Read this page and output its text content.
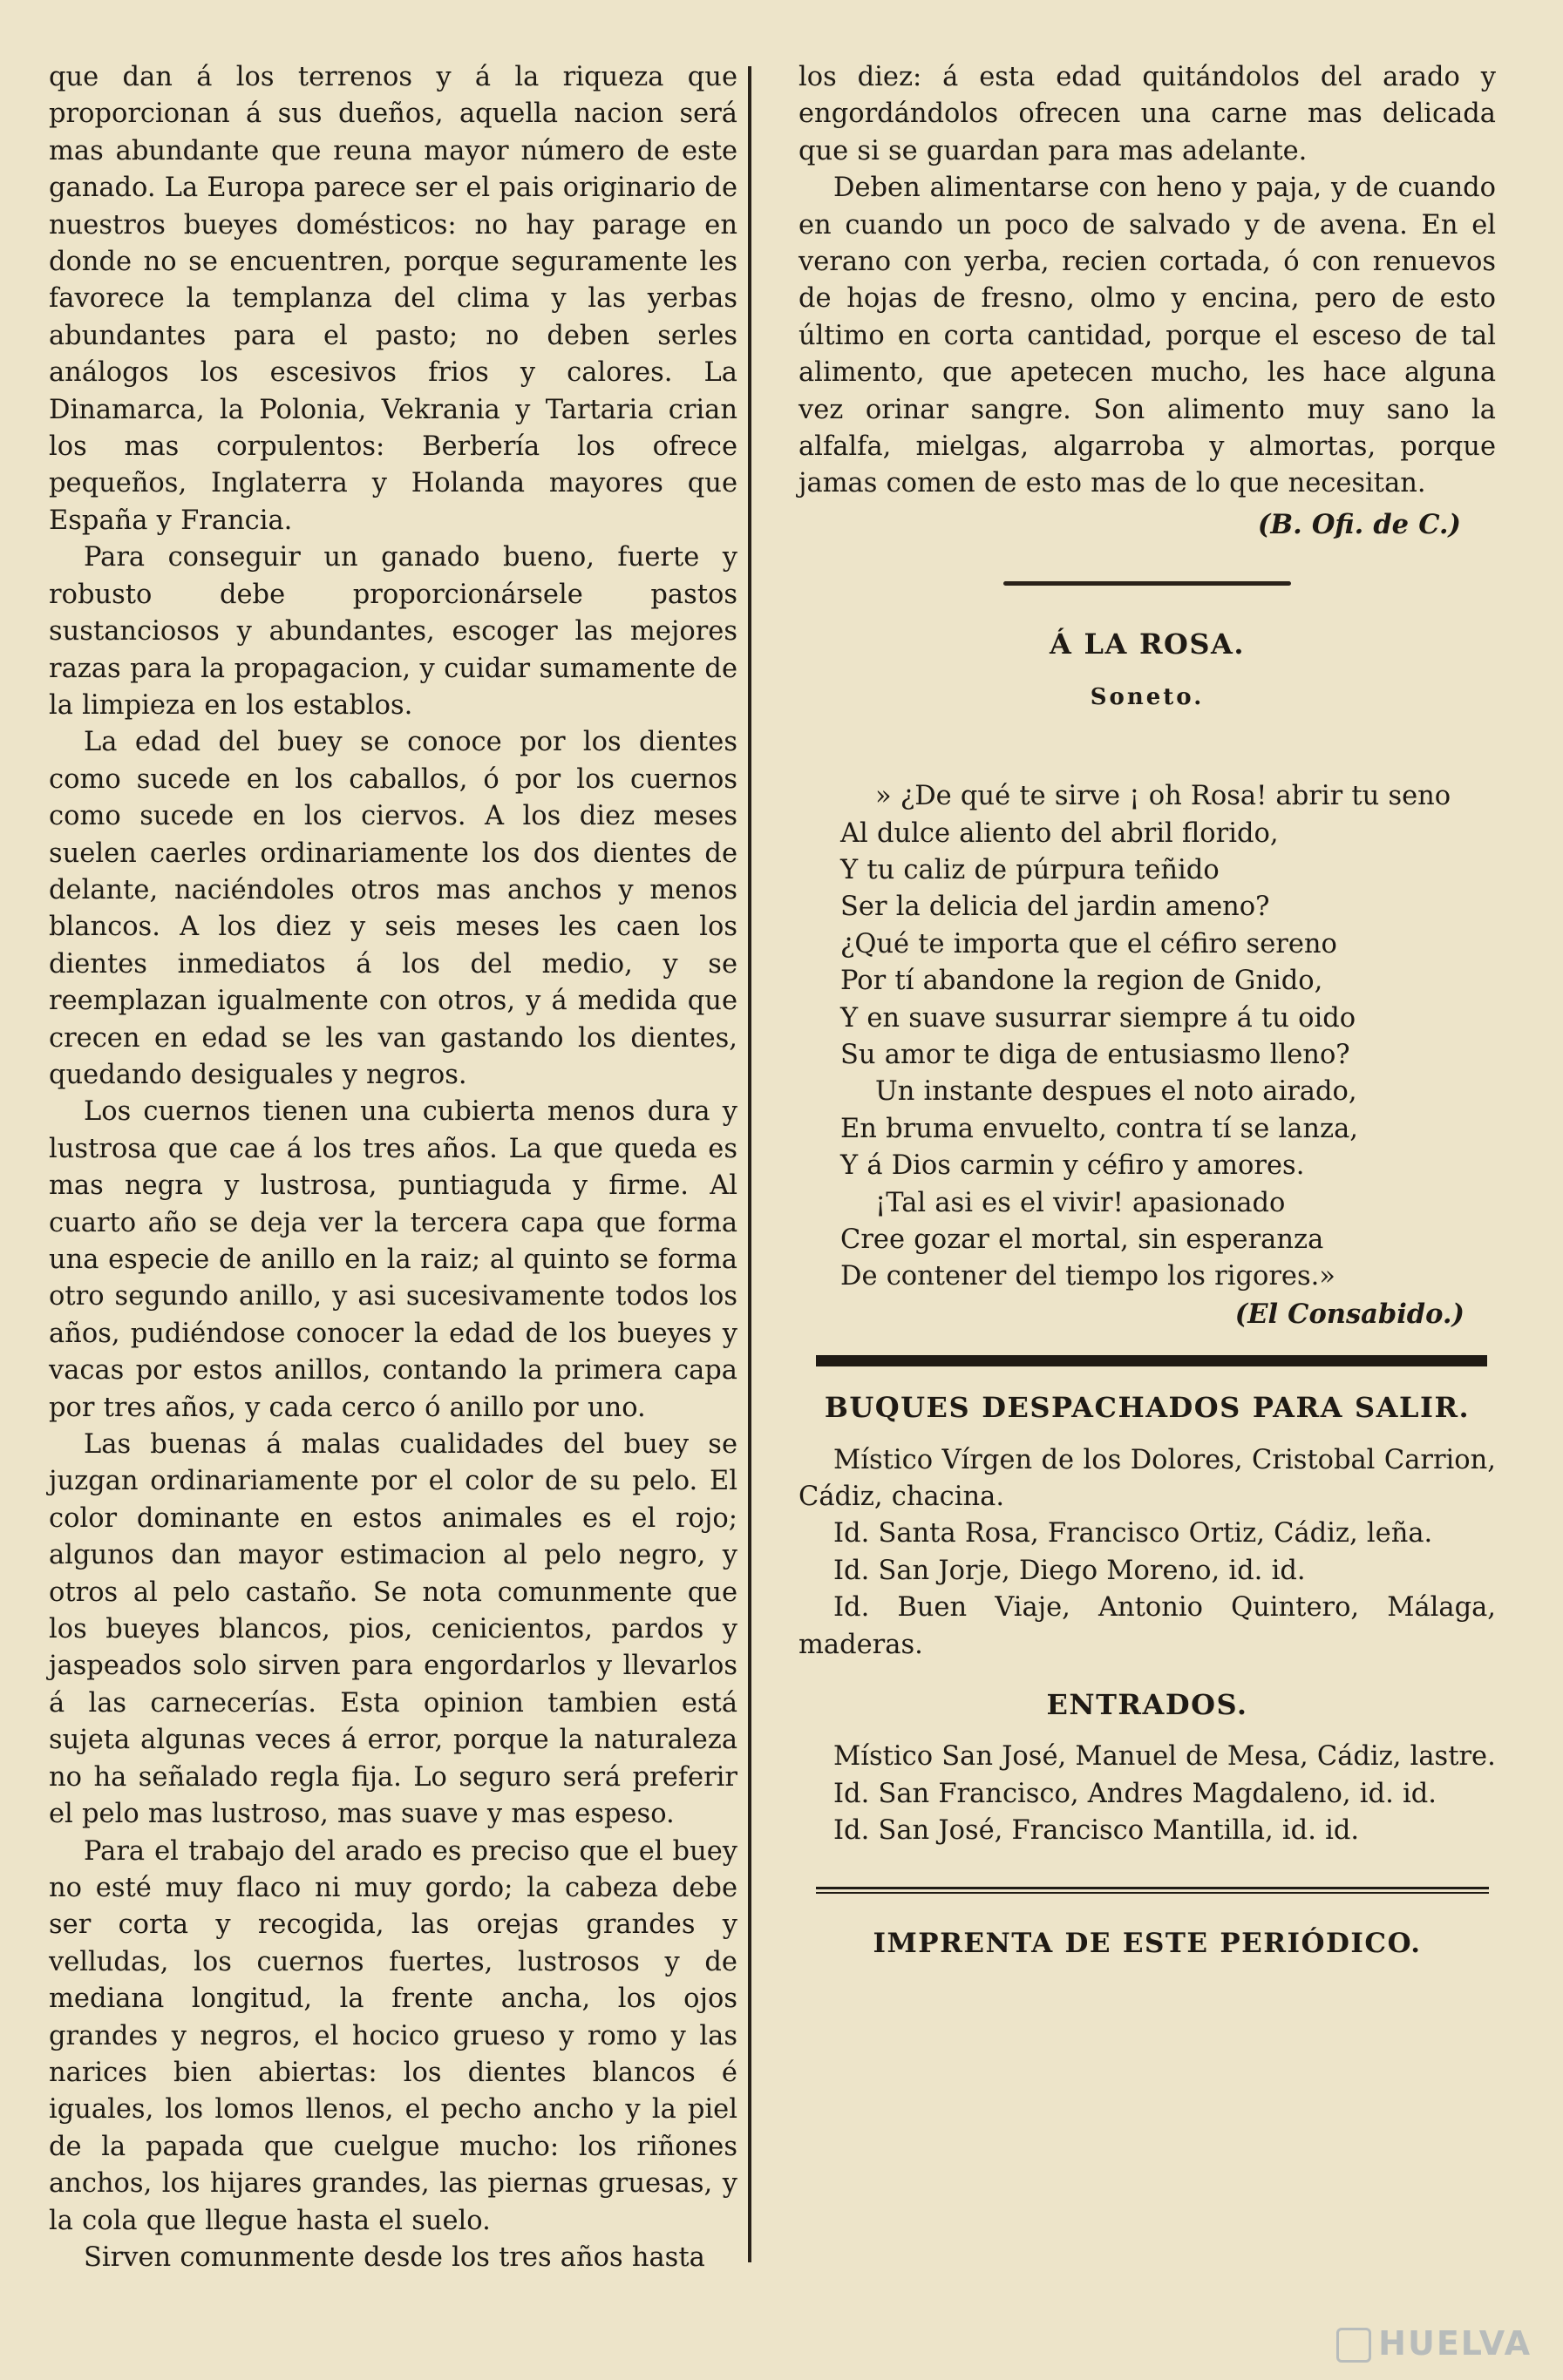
que dan á los terrenos y á la riqueza que proporcionan á sus dueños, aquella nacion será mas abundante que reuna mayor número de este ganado. La Europa parece ser el pais originario de nuestros bueyes domésticos: no hay parage en donde no se encuentren, porque seguramente les favorece la templanza del clima y las yerbas abundantes para el pasto; no deben serles análogos los escesivos frios y calores. La Dinamarca, la Polonia, Vekrania y Tartaria crian los mas corpulentos: Berbería los ofrece pequeños, Inglaterra y Holanda mayores que España y Francia.

Para conseguir un ganado bueno, fuerte y robusto debe proporcionársele pastos sustanciosos y abundantes, escoger las mejores razas para la propagacion, y cuidar sumamente de la limpieza en los establos.

La edad del buey se conoce por los dientes como sucede en los caballos, ó por los cuernos como sucede en los ciervos. A los diez meses suelen caerles ordinariamente los dos dientes de delante, naciéndoles otros mas anchos y menos blancos. A los diez y seis meses les caen los dientes inmediatos á los del medio, y se reemplazan igualmente con otros, y á medida que crecen en edad se les van gastando los dientes, quedando desiguales y negros.

Los cuernos tienen una cubierta menos dura y lustrosa que cae á los tres años. La que queda es mas negra y lustrosa, puntiaguda y firme. Al cuarto año se deja ver la tercera capa que forma una especie de anillo en la raiz; al quinto se forma otro segundo anillo, y asi sucesivamente todos los años, pudiéndose conocer la edad de los bueyes y vacas por estos anillos, contando la primera capa por tres años, y cada cerco ó anillo por uno.

Las buenas á malas cualidades del buey se juzgan ordinariamente por el color de su pelo. El color dominante en estos animales es el rojo; algunos dan mayor estimacion al pelo negro, y otros al pelo castaño. Se nota comunmente que los bueyes blancos, pios, cenicientos, pardos y jaspeados solo sirven para engordarlos y llevarlos á las carnecerías. Esta opinion tambien está sujeta algunas veces á error, porque la naturaleza no ha señalado regla fija. Lo seguro será preferir el pelo mas lustroso, mas suave y mas espeso.

Para el trabajo del arado es preciso que el buey no esté muy flaco ni muy gordo; la cabeza debe ser corta y recogida, las orejas grandes y velludas, los cuernos fuertes, lustrosos y de mediana longitud, la frente ancha, los ojos grandes y negros, el hocico grueso y romo y las narices bien abiertas: los dientes blancos é iguales, los lomos llenos, el pecho ancho y la piel de la papada que cuelgue mucho: los riñones anchos, los hijares grandes, las piernas gruesas, y la cola que llegue hasta el suelo.

Sirven comunmente desde los tres años hasta

los diez: á esta edad quitándolos del arado y engordándolos ofrecen una carne mas delicada que si se guardan para mas adelante.

Deben alimentarse con heno y paja, y de cuando en cuando un poco de salvado y de avena. En el verano con yerba, recien cortada, ó con renuevos de hojas de fresno, olmo y encina, pero de esto último en corta cantidad, porque el esceso de tal alimento, que apetecen mucho, les hace alguna vez orinar sangre. Son alimento muy sano la alfalfa, mielgas, algarroba y almortas, porque jamas comen de esto mas de lo que necesitan.

(B. Ofi. de C.)

Á LA ROSA.
Soneto.
» ¿De qué te sirve ¡ oh Rosa! abrir tu seno
Al dulce aliento del abril florido,
Y tu caliz de púrpura teñido
Ser la delicia del jardin ameno?
¿Qué te importa que el céfiro sereno
Por tí abandone la region de Gnido,
Y en suave susurrar siempre á tu oido
Su amor te diga de entusiasmo lleno?
Un instante despues el noto airado,
En bruma envuelto, contra tí se lanza,
Y á Dios carmin y céfiro y amores.
¡Tal asi es el vivir! apasionado
Cree gozar el mortal, sin esperanza
De contener del tiempo los rigores.»
(El Consabido.)
BUQUES DESPACHADOS PARA SALIR.

Místico Vírgen de los Dolores, Cristobal Carrion, Cádiz, chacina.

Id. Santa Rosa, Francisco Ortiz, Cádiz, leña.

Id. San Jorje, Diego Moreno, id. id.

Id. Buen Viaje, Antonio Quintero, Málaga, maderas.

ENTRADOS.

Místico San José, Manuel de Mesa, Cádiz, lastre.

Id. San Francisco, Andres Magdaleno, id. id.

Id. San José, Francisco Mantilla, id. id.

IMPRENTA DE ESTE PERIÓDICO.
HUELVA
